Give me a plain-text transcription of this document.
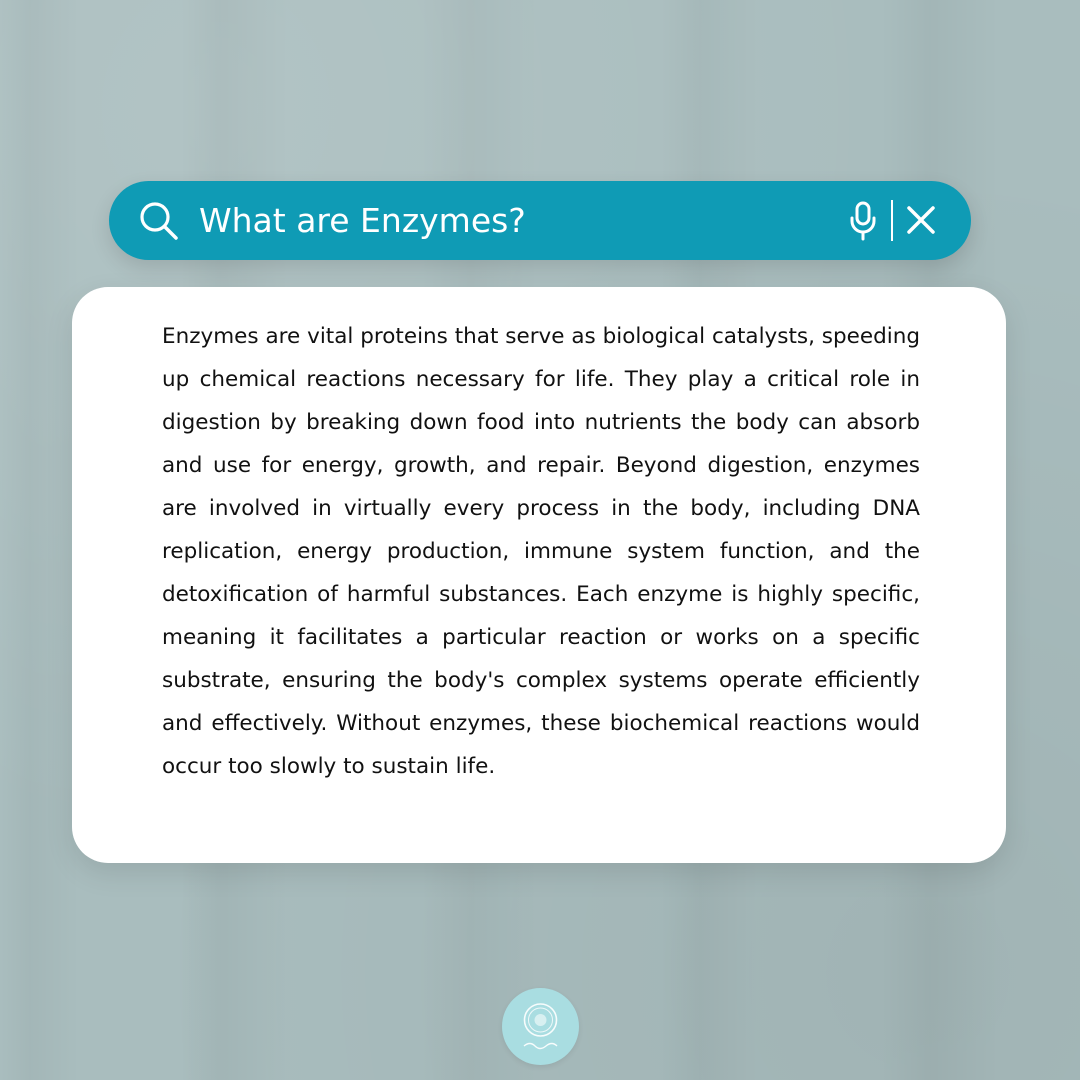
What are Enzymes?

Enzymes are vital proteins that serve as biological catalysts, speeding up chemical reactions necessary for life. They play a critical role in digestion by breaking down food into nutrients the body can absorb and use for energy, growth, and repair. Beyond digestion, enzymes are involved in virtually every process in the body, including DNA replication, energy production, immune system function, and the detoxification of harmful substances. Each enzyme is highly specific, meaning it facilitates a particular reaction or works on a specific substrate, ensuring the body's complex systems operate efficiently and effectively. Without enzymes, these biochemical reactions would occur too slowly to sustain life.
